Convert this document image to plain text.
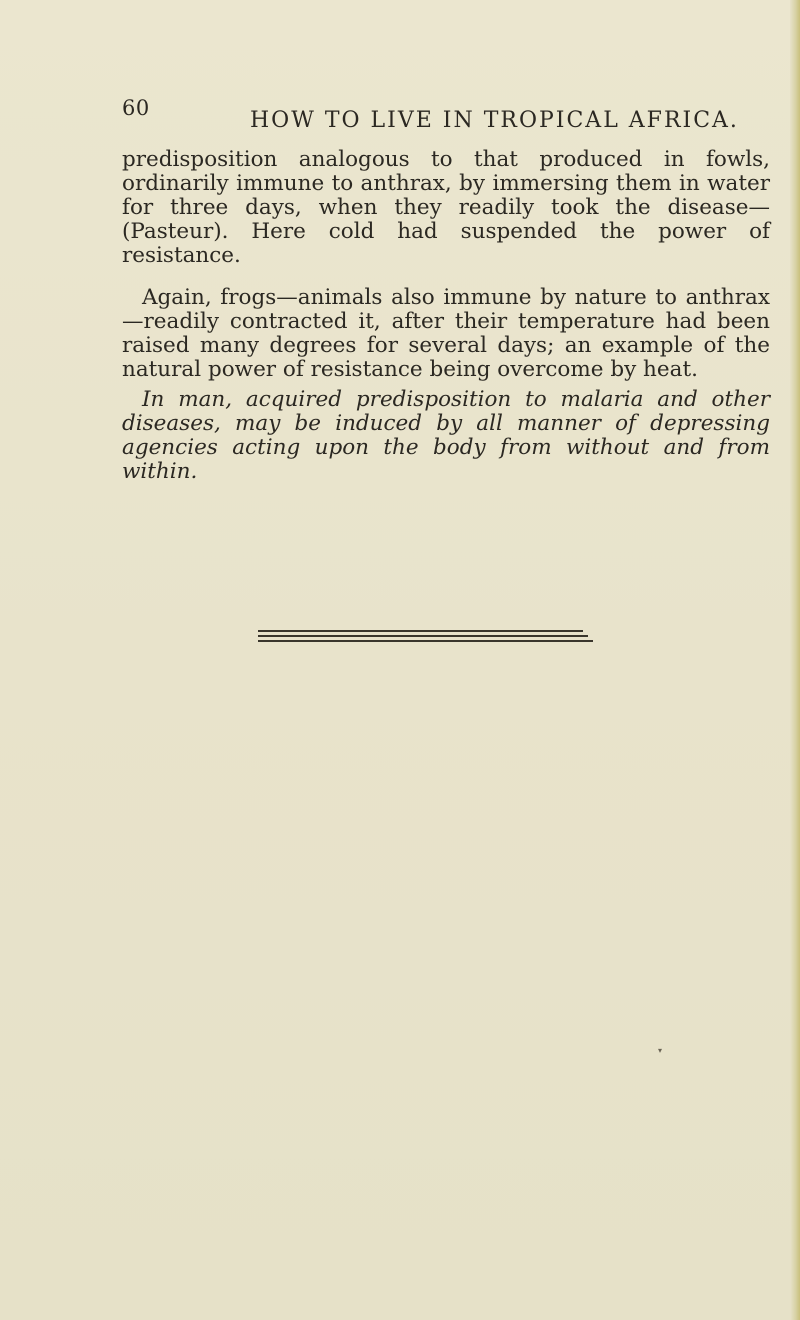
60	HOW TO LIVE IN TROPICAL AFRICA.

predisposition analogous to that produced in fowls, ordinarily immune to anthrax, by immersing them in water for three days, when they readily took the disease—(Pasteur). Here cold had suspended the power of resistance.

Again, frogs—animals also immune by nature to anthrax—readily contracted it, after their temperature had been raised many degrees for several days; an example of the natural power of resistance being overcome by heat.

In man, acquired predisposition to malaria and other diseases, may be induced by all manner of depressing agencies acting upon the body from without and from within.

▾
